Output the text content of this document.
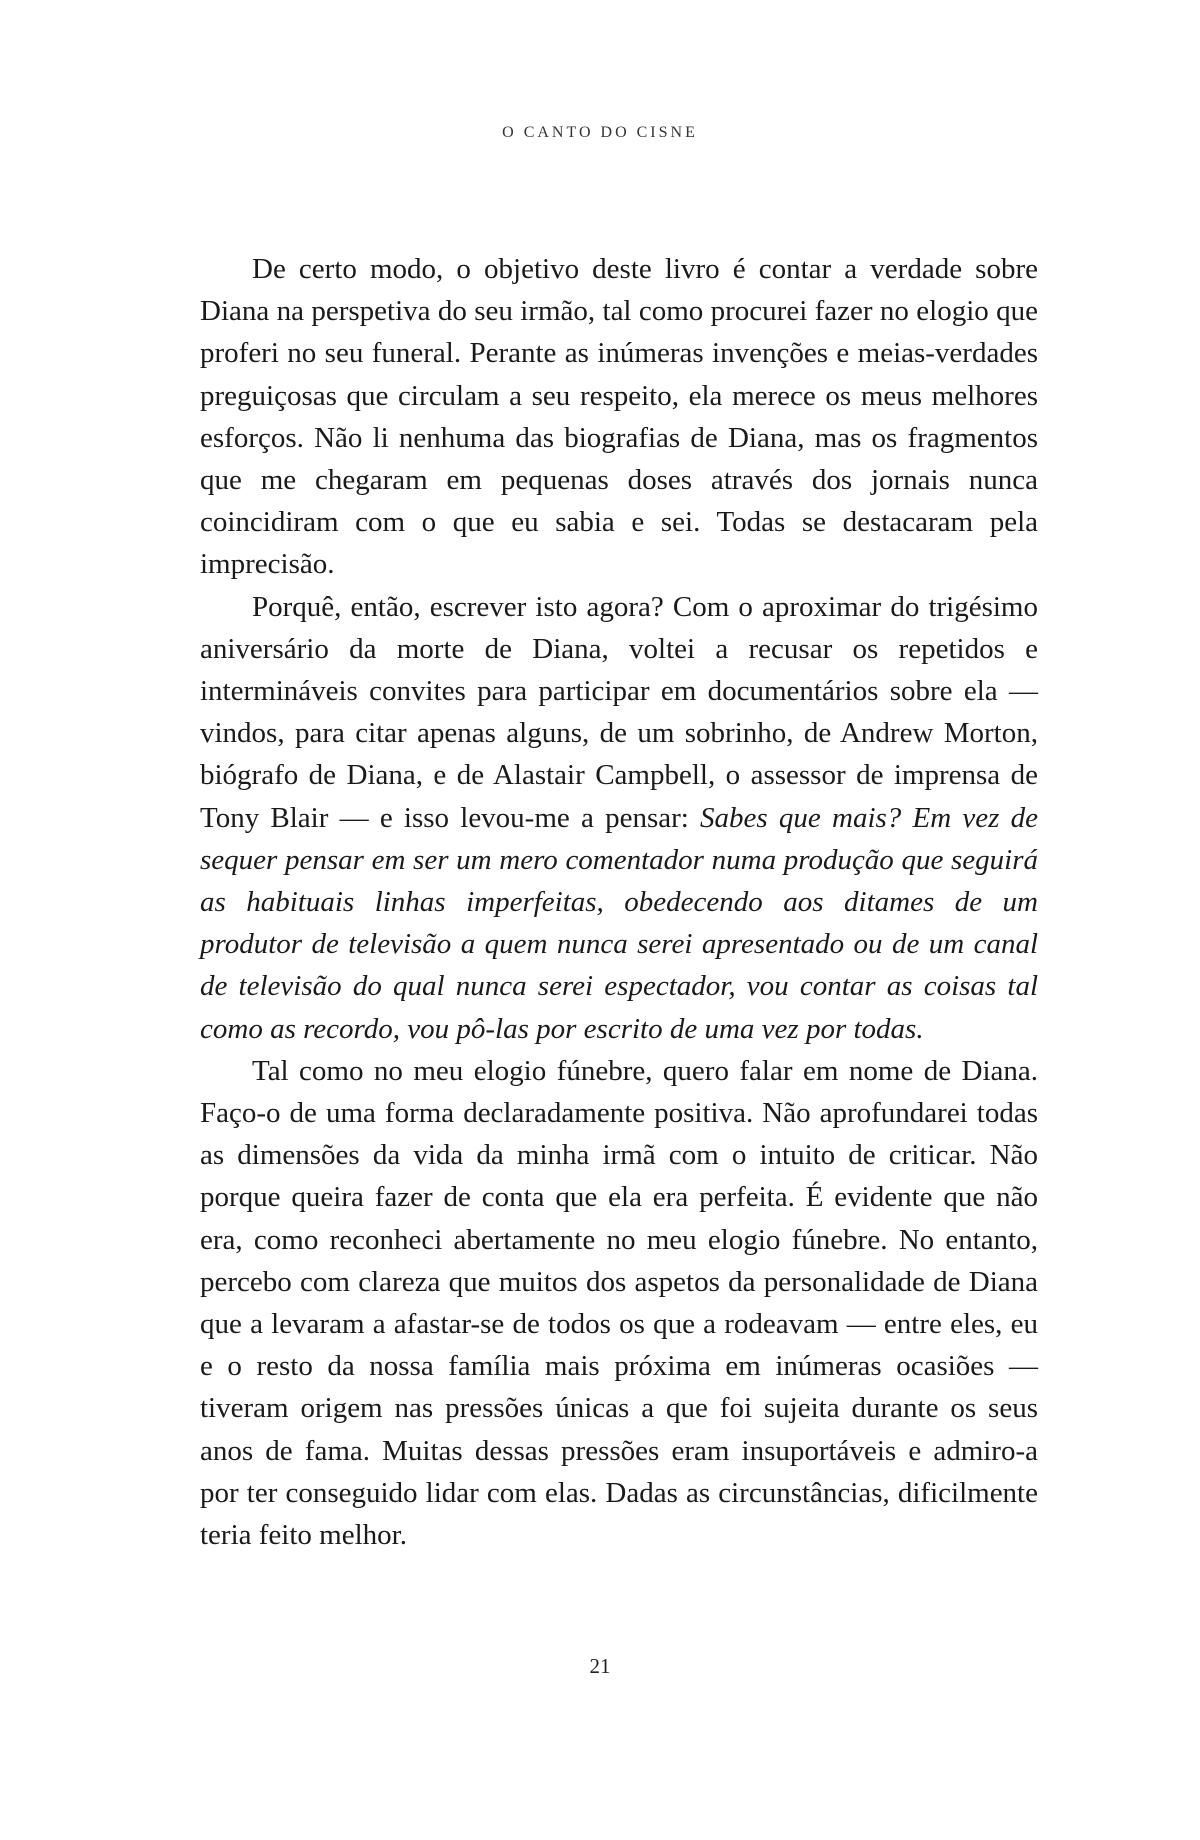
O CANTO DO CISNE

De certo modo, o objetivo deste livro é contar a verdade sobre Diana na perspetiva do seu irmão, tal como procurei fazer no elogio que proferi no seu funeral. Perante as inúmeras invenções e meias-verdades preguiçosas que circulam a seu respeito, ela merece os meus melhores esforços. Não li nenhuma das biografias de Diana, mas os fragmentos que me chegaram em pequenas doses através dos jornais nunca coincidiram com o que eu sabia e sei. Todas se destacaram pela imprecisão.

Porquê, então, escrever isto agora? Com o aproximar do trigésimo aniversário da morte de Diana, voltei a recusar os repetidos e intermináveis convites para participar em documentários sobre ela — vindos, para citar apenas alguns, de um sobrinho, de Andrew Morton, biógrafo de Diana, e de Alastair Campbell, o assessor de imprensa de Tony Blair — e isso levou-me a pensar: Sabes que mais? Em vez de sequer pensar em ser um mero comentador numa produção que seguirá as habituais linhas imperfeitas, obedecendo aos ditames de um produtor de televisão a quem nunca serei apresentado ou de um canal de televisão do qual nunca serei espectador, vou contar as coisas tal como as recordo, vou pô-las por escrito de uma vez por todas.

Tal como no meu elogio fúnebre, quero falar em nome de Diana. Faço-o de uma forma declaradamente positiva. Não aprofundarei todas as dimensões da vida da minha irmã com o intuito de criticar. Não porque queira fazer de conta que ela era perfeita. É evidente que não era, como reconheci abertamente no meu elogio fúnebre. No entanto, percebo com clareza que muitos dos aspetos da personalidade de Diana que a levaram a afastar-se de todos os que a rodeavam — entre eles, eu e o resto da nossa família mais próxima em inúmeras ocasiões — tiveram origem nas pressões únicas a que foi sujeita durante os seus anos de fama. Muitas dessas pressões eram insuportáveis e admiro-a por ter conseguido lidar com elas. Dadas as circunstâncias, dificilmente teria feito melhor.

21
